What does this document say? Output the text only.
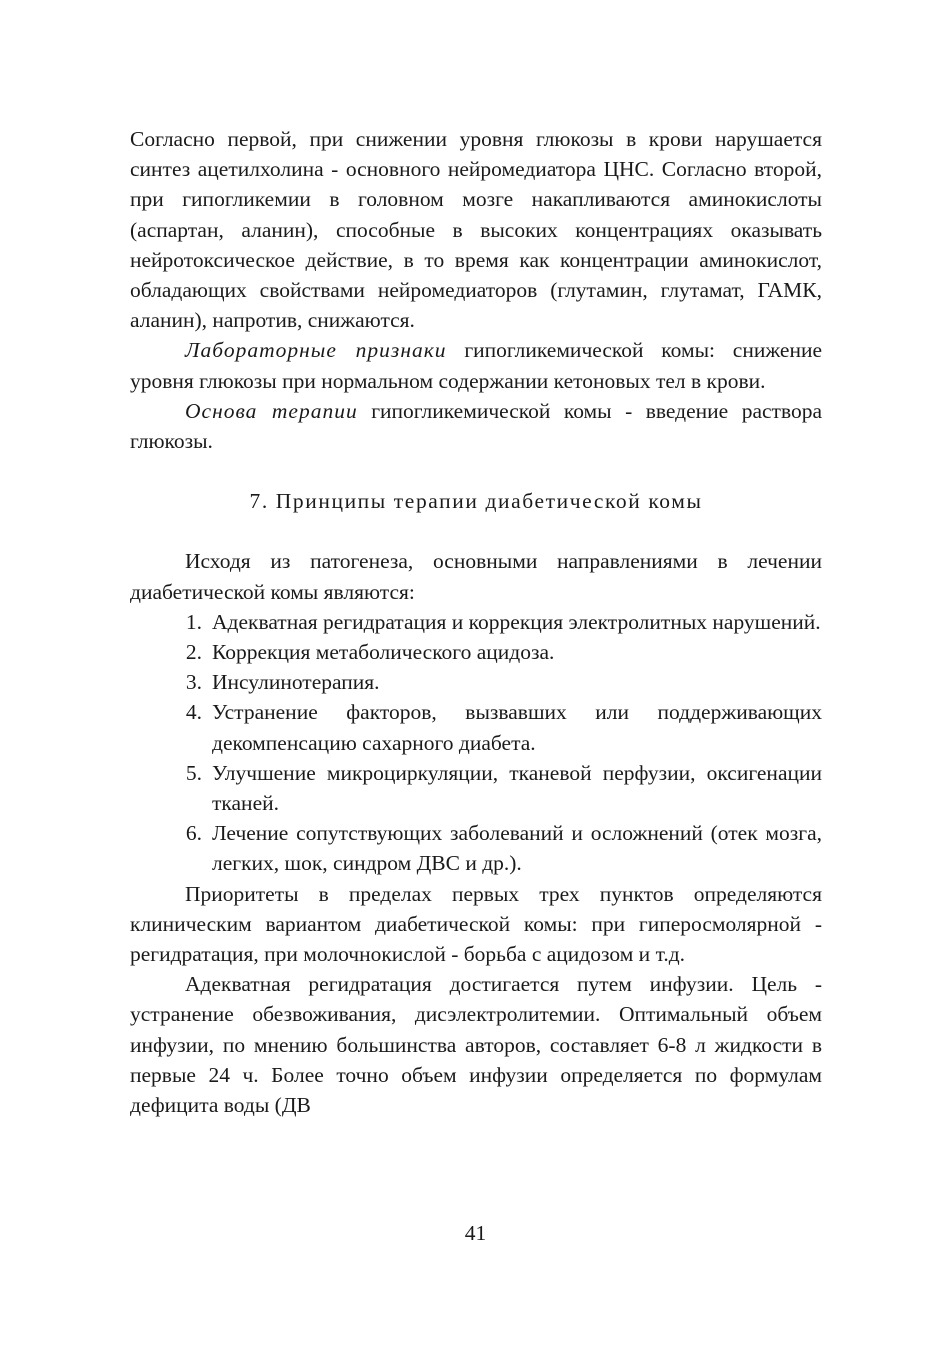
Согласно первой, при снижении уровня глюкозы в крови нарушается синтез ацетилхолина - основного нейромедиатора ЦНС. Согласно второй, при гипогликемии в головном мозге накапливаются аминокислоты (аспартан, аланин), способные в высоких концентрациях оказывать нейротоксическое действие, в то время как концентрации аминокислот, обладающих свойствами нейромедиаторов (глутамин, глутамат, ГАМК, аланин), напротив, снижаются.

Лабораторные признаки гипогликемической комы: снижение уровня глюкозы при нормальном содержании кетоновых тел в крови.

Основа терапии гипогликемической комы - введение раствора глюкозы.

7. Принципы терапии диабетической комы

Исходя из патогенеза, основными направлениями в лечении диабетической комы являются:

1. Адекватная регидратация и коррекция электролитных нарушений.
2. Коррекция метаболического ацидоза.
3. Инсулинотерапия.
4. Устранение факторов, вызвавших или поддерживающих декомпенсацию сахарного диабета.
5. Улучшение микроциркуляции, тканевой перфузии, оксигенации тканей.
6. Лечение сопутствующих заболеваний и осложнений (отек мозга, легких, шок, синдром ДВС и др.).

Приоритеты в пределах первых трех пунктов определяются клиническим вариантом диабетической комы: при гиперосмолярной - регидратация, при молочнокислой - борьба с ацидозом и т.д.

Адекватная регидратация достигается путем инфузии. Цель - устранение обезвоживания, дисэлектролитемии. Оптимальный объем инфузии, по мнению большинства авторов, составляет 6-8 л жидкости в первые 24 ч. Более точно объем инфузии определяется по формулам дефицита воды (ДВ

41
